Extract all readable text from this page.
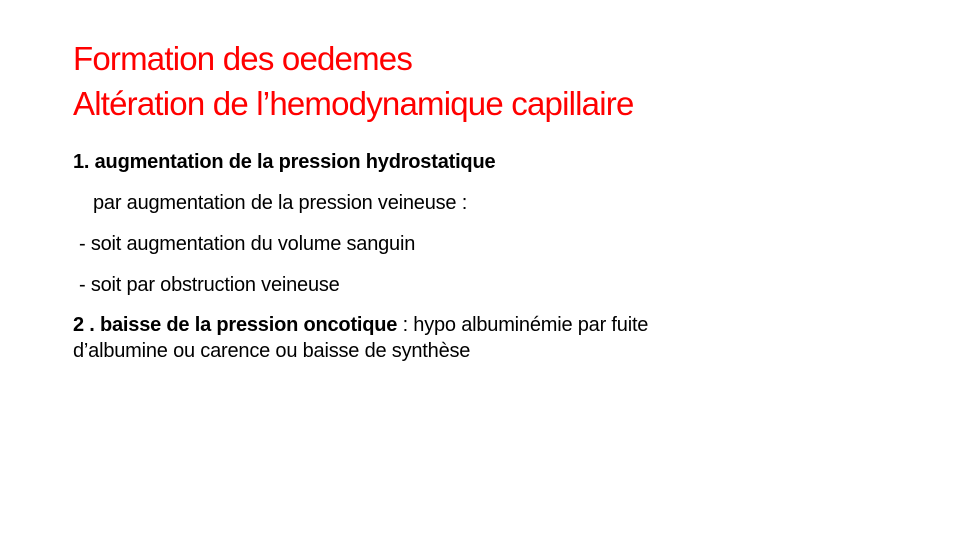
Formation des oedemes
Altération de l’hemodynamique capillaire
1. augmentation de la pression hydrostatique
par augmentation de la pression veineuse :
- soit augmentation du volume sanguin
- soit par obstruction veineuse
2 . baisse de la pression oncotique : hypo albuminémie par fuite
d’albumine ou carence ou baisse de synthèse
